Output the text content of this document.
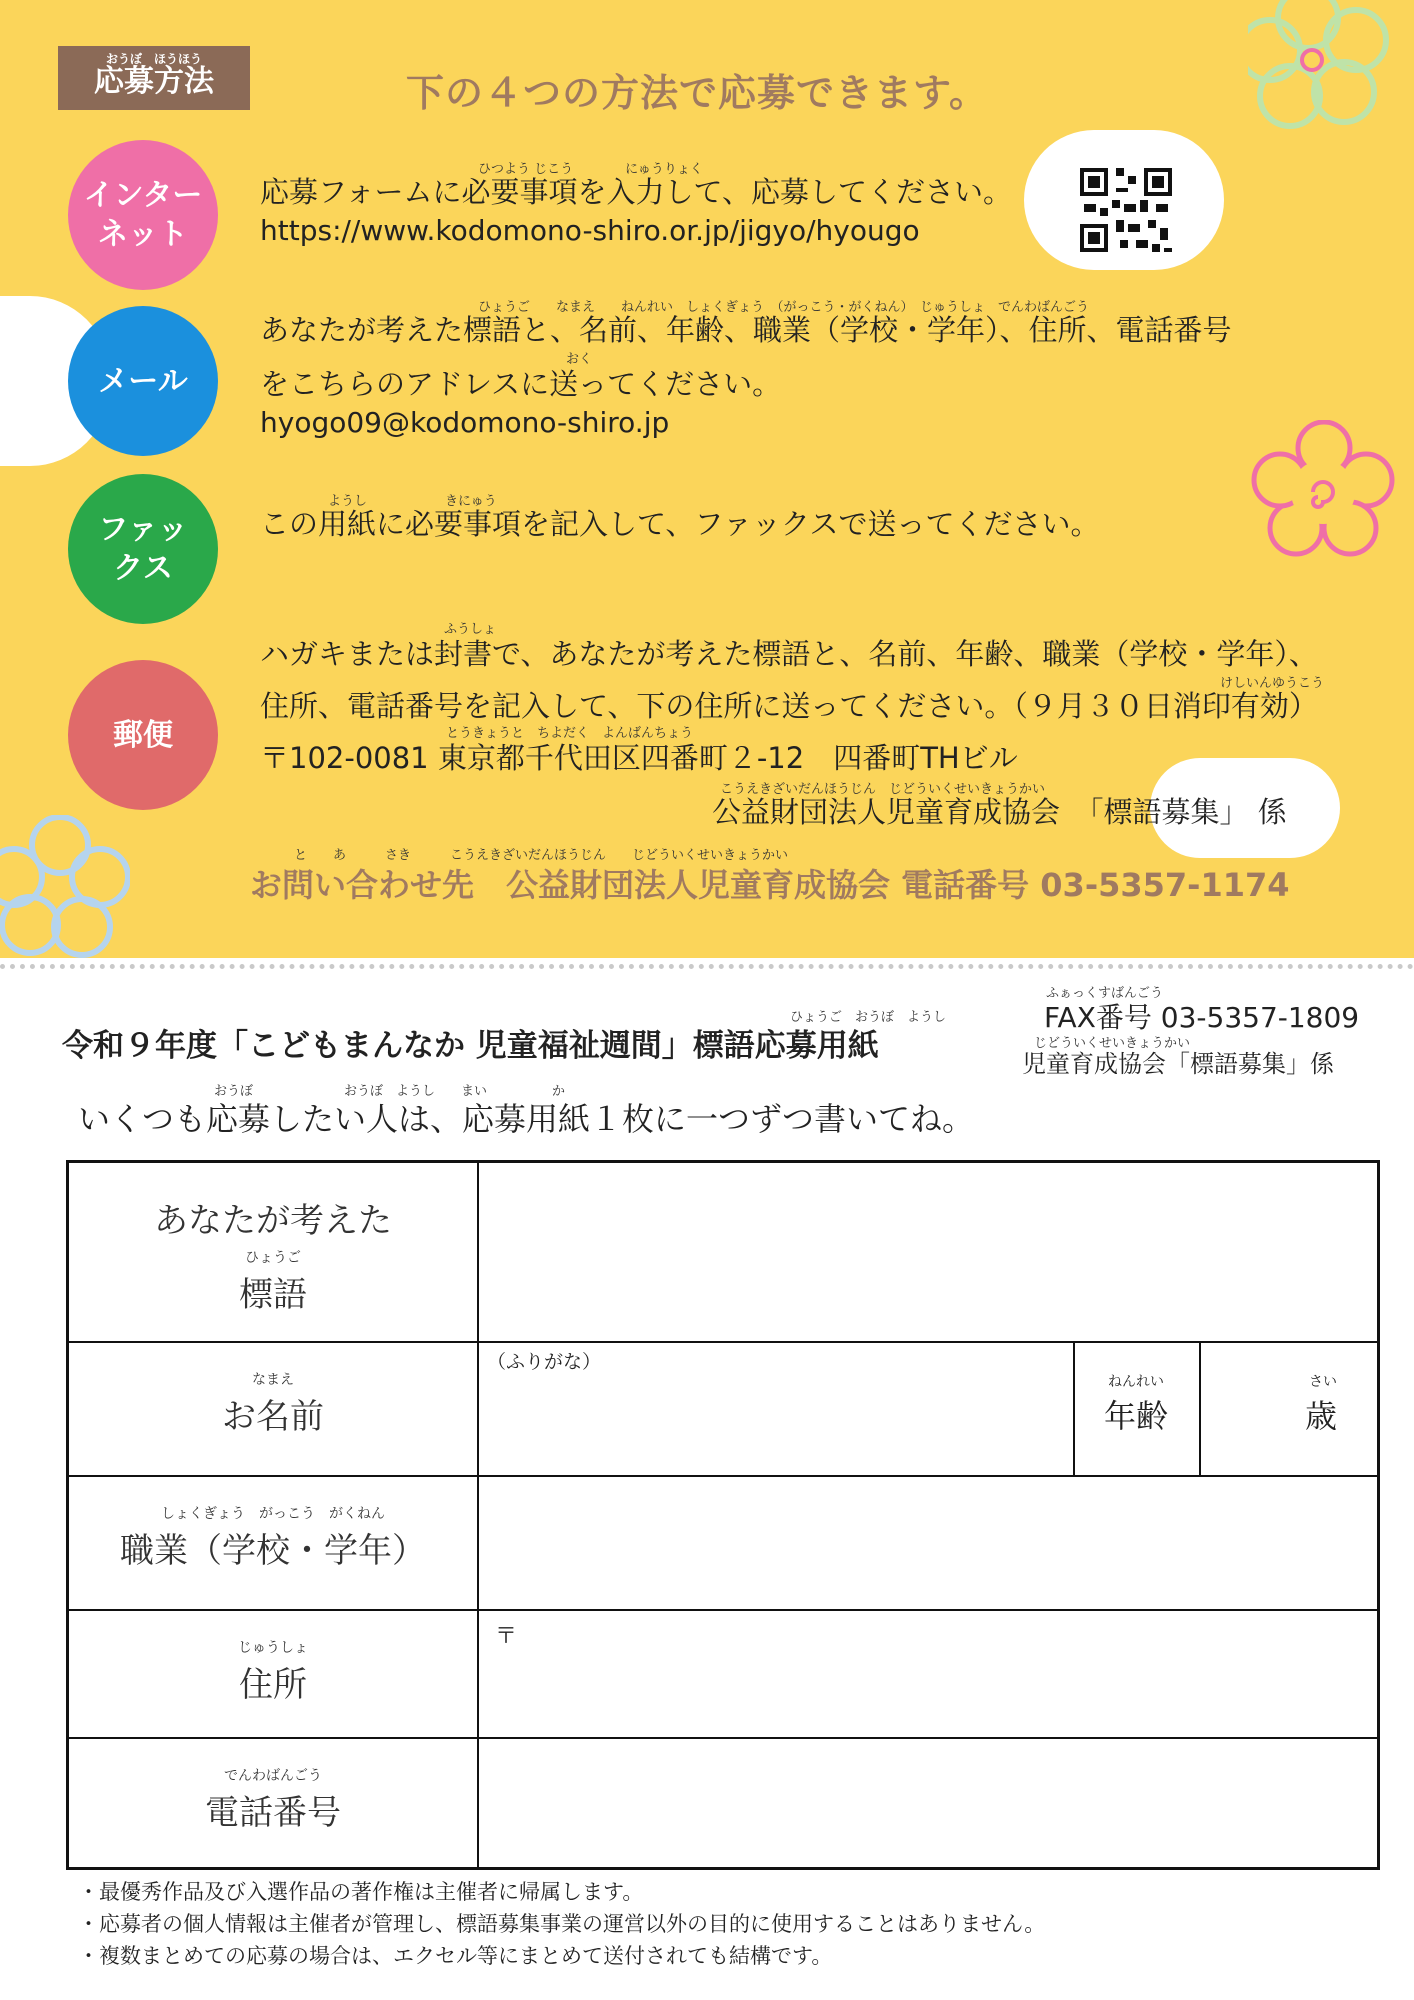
おうぼ　ほうほう
応募方法	下の４つの方法で応募できます。
インター
ネット
ひつよう じこう　　　　にゅうりょく
応募フォームに必要事項を入力して、応募してください。
https://www.kodomono-shiro.or.jp/jigyo/hyougo
メール
ひょうご　　なまえ　　ねんれい　しょくぎょう　（がっこう・がくねん）　じゅうしょ　でんわばんごう
あなたが考えた標語と、名前、年齢、職業（学校・学年）、住所、電話番号
おく
をこちらのアドレスに送ってください。
hyogo09@kodomono-shiro.jp
ファッ
クス
ようし　　　　　　きにゅう
この用紙に必要事項を記入して、ファックスで送ってください。
郵便
ふうしょ
ハガキまたは封書で、あなたが考えた標語と、名前、年齢、職業（学校・学年）、
けしいんゆうこう
住所、電話番号を記入して、下の住所に送ってください。（９月３０日消印有効）
とうきょうと　ちよだく　よんばんちょう
〒102-0081 東京都千代田区四番町２-12　四番町THビル
こうえきざいだんほうじん　じどういくせいきょうかい
公益財団法人児童育成協会　「標語募集」 係
と　　あ　　　さき　　　こうえきざいだんほうじん　　じどういくせいきょうかい
お問い合わせ先　公益財団法人児童育成協会 電話番号 03-5357-1174
ひょうご　おうぼ　ようし
令和９年度「こどもまんなか 児童福祉週間」標語応募用紙
ふぁっくすばんごう
FAX番号 03-5357-1809
じどういくせいきょうかい
児童育成協会「標語募集」係
おうぼ　　　　　　　おうぼ　ようし　　まい　　　　　か
いくつも応募したい人は、応募用紙１枚に一つずつ書いてね。
あなたが考えた
ひょうご
標語
なまえ
お名前
（ふりがな）
ねんれい
年齢
さい
歳
しょくぎょう　がっこう　がくねん
職業（学校・学年）
じゅうしょ
住所
〒
でんわばんごう
電話番号
・最優秀作品及び入選作品の著作権は主催者に帰属します。
・応募者の個人情報は主催者が管理し、標語募集事業の運営以外の目的に使用することはありません。
・複数まとめての応募の場合は、エクセル等にまとめて送付されても結構です。
